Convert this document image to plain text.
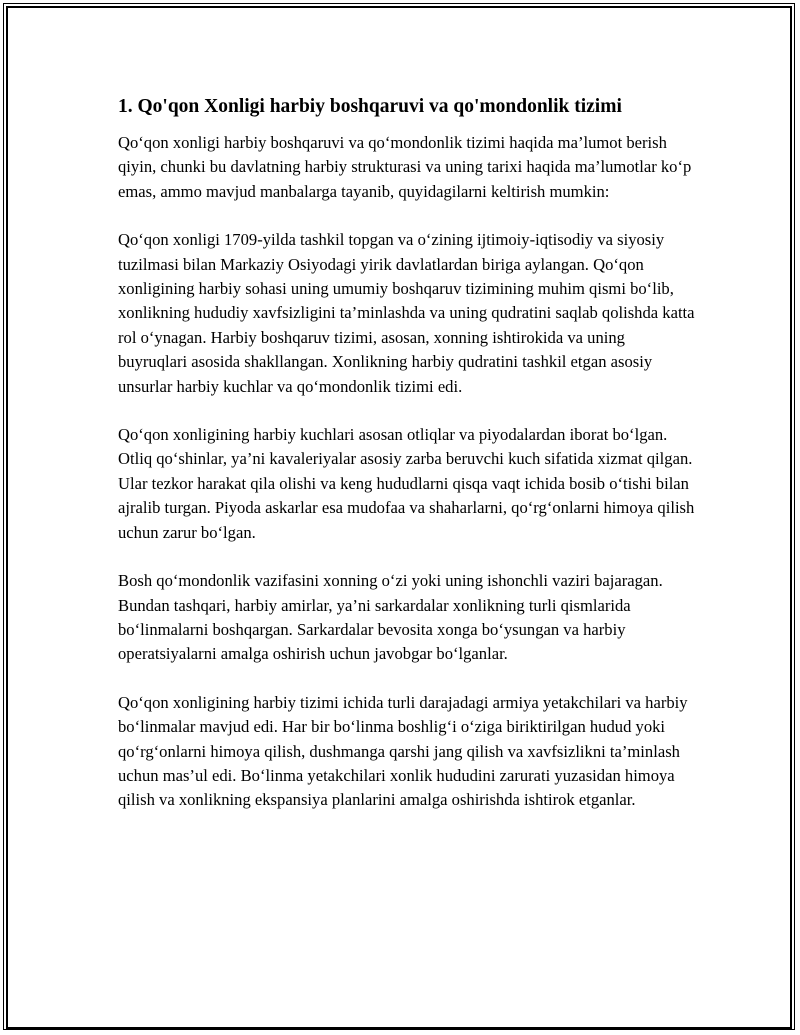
1. Qo'qon Xonligi harbiy boshqaruvi va qo'mondonlik tizimi

Qo‘qon xonligi harbiy boshqaruvi va qo‘mondonlik tizimi haqida ma’lumot berish qiyin, chunki bu davlatning harbiy strukturasi va uning tarixi haqida ma’lumotlar ko‘p emas, ammo mavjud manbalarga tayanib, quyidagilarni keltirish mumkin:

Qo‘qon xonligi 1709-yilda tashkil topgan va o‘zining ijtimoiy-iqtisodiy va siyosiy tuzilmasi bilan Markaziy Osiyodagi yirik davlatlardan biriga aylangan. Qo‘qon xonligining harbiy sohasi uning umumiy boshqaruv tizimining muhim qismi bo‘lib, xonlikning hududiy xavfsizligini ta’minlashda va uning qudratini saqlab qolishda katta rol o‘ynagan. Harbiy boshqaruv tizimi, asosan, xonning ishtirokida va uning buyruqlari asosida shakllangan. Xonlikning harbiy qudratini tashkil etgan asosiy unsurlar harbiy kuchlar va qo‘mondonlik tizimi edi.

Qo‘qon xonligining harbiy kuchlari asosan otliqlar va piyodalardan iborat bo‘lgan. Otliq qo‘shinlar, ya’ni kavaleriyalar asosiy zarba beruvchi kuch sifatida xizmat qilgan. Ular tezkor harakat qila olishi va keng hududlarni qisqa vaqt ichida bosib o‘tishi bilan ajralib turgan. Piyoda askarlar esa mudofaa va shaharlarni, qo‘rg‘onlarni himoya qilish uchun zarur bo‘lgan.

Bosh qo‘mondonlik vazifasini xonning o‘zi yoki uning ishonchli vaziri bajaragan. Bundan tashqari, harbiy amirlar, ya’ni sarkardalar xonlikning turli qismlarida bo‘linmalarni boshqargan. Sarkardalar bevosita xonga bo‘ysungan va harbiy operatsiyalarni amalga oshirish uchun javobgar bo‘lganlar.

Qo‘qon xonligining harbiy tizimi ichida turli darajadagi armiya yetakchilari va harbiy bo‘linmalar mavjud edi. Har bir bo‘linma boshlig‘i o‘ziga biriktirilgan hudud yoki qo‘rg‘onlarni himoya qilish, dushmanga qarshi jang qilish va xavfsizlikni ta’minlash uchun mas’ul edi. Bo‘linma yetakchilari xonlik hududini zarurati yuzasidan himoya qilish va xonlikning ekspansiya planlarini amalga oshirishda ishtirok etganlar.
